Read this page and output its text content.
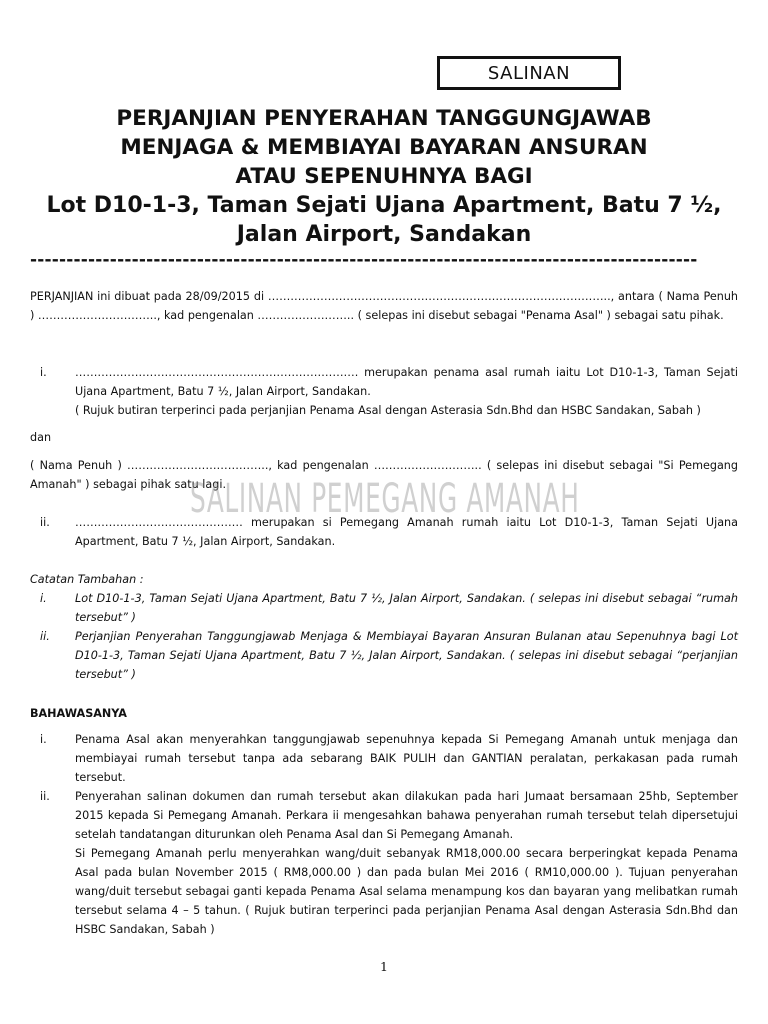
SALINAN
PERJANJIAN PENYERAHAN TANGGUNGJAWAB
MENJAGA & MEMBIAYAI BAYARAN ANSURAN
ATAU SEPENUHNYA BAGI
Lot D10-1-3, Taman Sejati Ujana Apartment, Batu 7 ½,
Jalan Airport, Sandakan
--------------------------------------------------------------------------------------------

PERJANJIAN ini dibuat pada 28/09/2015 di ……………………………………………………………………………….., antara ( Nama Penuh ) ………………………….., kad pengenalan …………………….. ( selepas ini disebut sebagai "Penama Asal" ) sebagai satu pihak.

i.	…………………………………………………………………. merupakan penama asal rumah iaitu Lot D10-1-3, Taman Sejati Ujana Apartment, Batu 7 ½, Jalan Airport, Sandakan.
( Rujuk butiran terperinci pada perjanjian Penama Asal dengan Asterasia Sdn.Bhd dan HSBC Sandakan, Sabah )

dan

( Nama Penuh ) ……………………………….., kad pengenalan ……………………….. ( selepas ini disebut sebagai "Si Pemegang Amanah" ) sebagai pihak satu lagi.

ii.	……………………………………… merupakan si Pemegang Amanah rumah iaitu Lot D10-1-3, Taman Sejati Ujana Apartment, Batu 7 ½, Jalan Airport, Sandakan.
SALINAN PEMEGANG AMANAH

Catatan Tambahan :

i.	Lot D10-1-3, Taman Sejati Ujana Apartment, Batu 7 ½, Jalan Airport, Sandakan. ( selepas ini disebut sebagai “rumah tersebut” )
ii.	Perjanjian Penyerahan Tanggungjawab Menjaga & Membiayai Bayaran Ansuran Bulanan atau Sepenuhnya bagi Lot D10-1-3, Taman Sejati Ujana Apartment, Batu 7 ½, Jalan Airport, Sandakan. ( selepas ini disebut sebagai “perjanjian tersebut” )

BAHAWASANYA

i.	Penama Asal akan menyerahkan tanggungjawab sepenuhnya kepada Si Pemegang Amanah untuk menjaga dan membiayai rumah tersebut tanpa ada sebarang BAIK PULIH dan GANTIAN peralatan, perkakasan pada rumah tersebut.
ii.	Penyerahan salinan dokumen dan rumah tersebut akan dilakukan pada hari Jumaat bersamaan 25hb, September 2015 kepada Si Pemegang Amanah. Perkara ii mengesahkan bahawa penyerahan rumah tersebut telah dipersetujui setelah tandatangan diturunkan oleh Penama Asal dan Si Pemegang Amanah.
Si Pemegang Amanah perlu menyerahkan wang/duit sebanyak RM18,000.00 secara berperingkat kepada Penama Asal pada bulan November 2015 ( RM8,000.00 ) dan pada bulan Mei 2016 ( RM10,000.00 ). Tujuan penyerahan wang/duit tersebut sebagai ganti kepada Penama Asal selama menampung kos dan bayaran yang melibatkan rumah tersebut selama 4 – 5 tahun. ( Rujuk butiran terperinci pada perjanjian Penama Asal dengan Asterasia Sdn.Bhd dan HSBC Sandakan, Sabah )
1
